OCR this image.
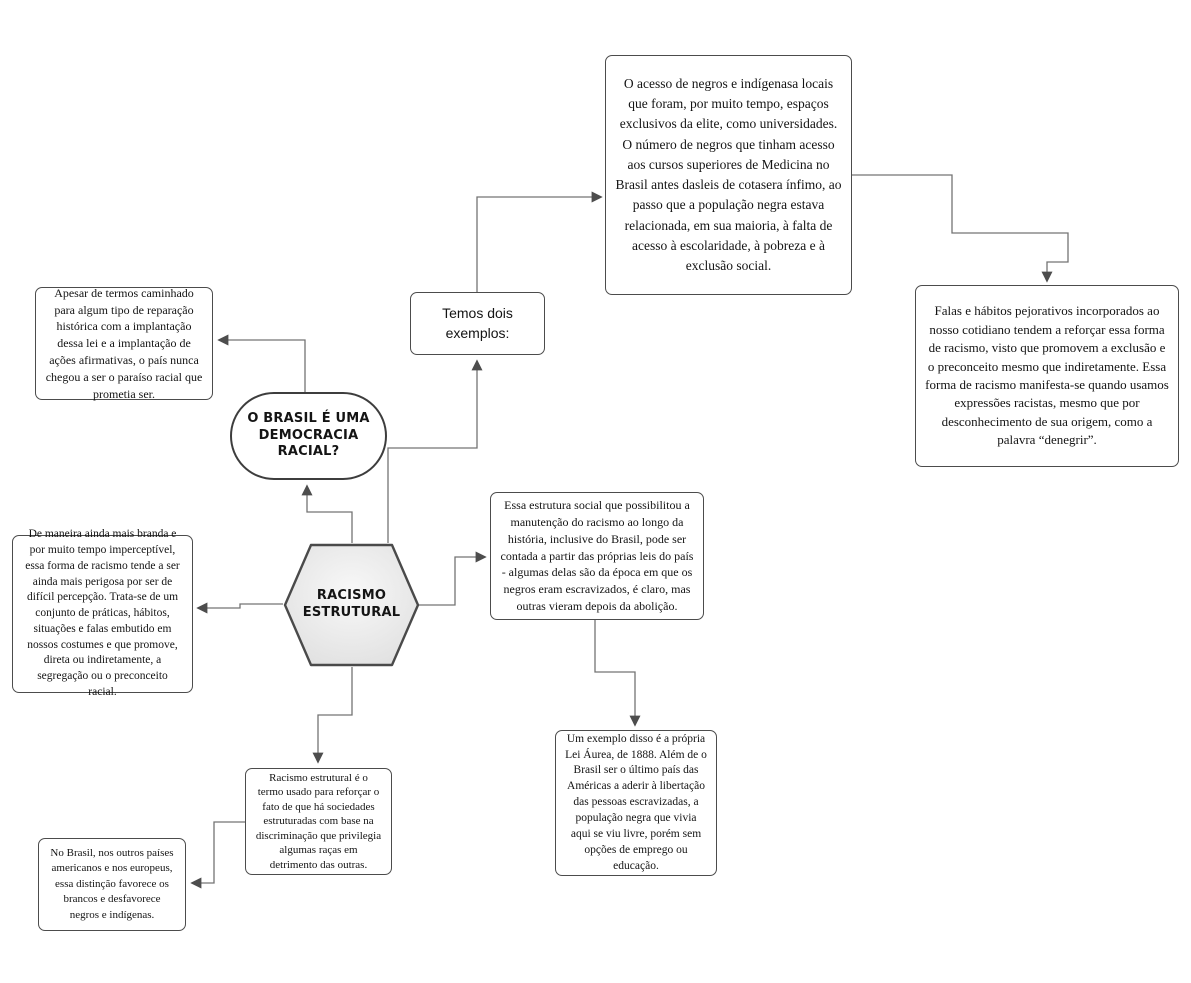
O acesso de negros e indígenasa locais que foram, por muito tempo, espaços exclusivos da elite, como universidades. O número de negros que tinham acesso aos cursos superiores de Medicina no Brasil antes dasleis de cotasera ínfimo, ao passo que a população negra estava relacionada, em sua maioria, à falta de acesso à escolaridade, à pobreza e à exclusão social.
Falas e hábitos pejorativos incorporados ao nosso cotidiano tendem a reforçar essa forma de racismo, visto que promovem a exclusão e o preconceito mesmo que indiretamente. Essa forma de racismo manifesta-se quando usamos expressões racistas, mesmo que por desconhecimento de sua origem, como a palavra “denegrir”.
Apesar de termos caminhado para algum tipo de reparação histórica com a implantação dessa lei e a implantação de ações afirmativas, o país nunca chegou a ser o paraíso racial que prometia ser.
Temos dois exemplos:
O BRASIL É UMA DEMOCRACIA RACIAL?
RACISMO ESTRUTURAL
De maneira ainda mais branda e por muito tempo imperceptível, essa forma de racismo tende a ser ainda mais perigosa por ser de difícil percepção. Trata-se de um conjunto de práticas, hábitos, situações e falas embutido em nossos costumes e que promove, direta ou indiretamente, a segregação ou o preconceito racial.
Essa estrutura social que possibilitou a manutenção do racismo ao longo da história, inclusive do Brasil, pode ser contada a partir das próprias leis do país - algumas delas são da época em que os negros eram escravizados, é claro, mas outras vieram depois da abolição.
Um exemplo disso é a própria Lei Áurea, de 1888. Além de o Brasil ser o último país das Américas a aderir à libertação das pessoas escravizadas, a população negra que vivia aqui se viu livre, porém sem opções de emprego ou educação.
Racismo estrutural é o termo usado para reforçar o fato de que há sociedades estruturadas com base na discriminação que privilegia algumas raças em detrimento das outras.
No Brasil, nos outros países americanos e nos europeus, essa distinção favorece os brancos e desfavorece negros e indígenas.
